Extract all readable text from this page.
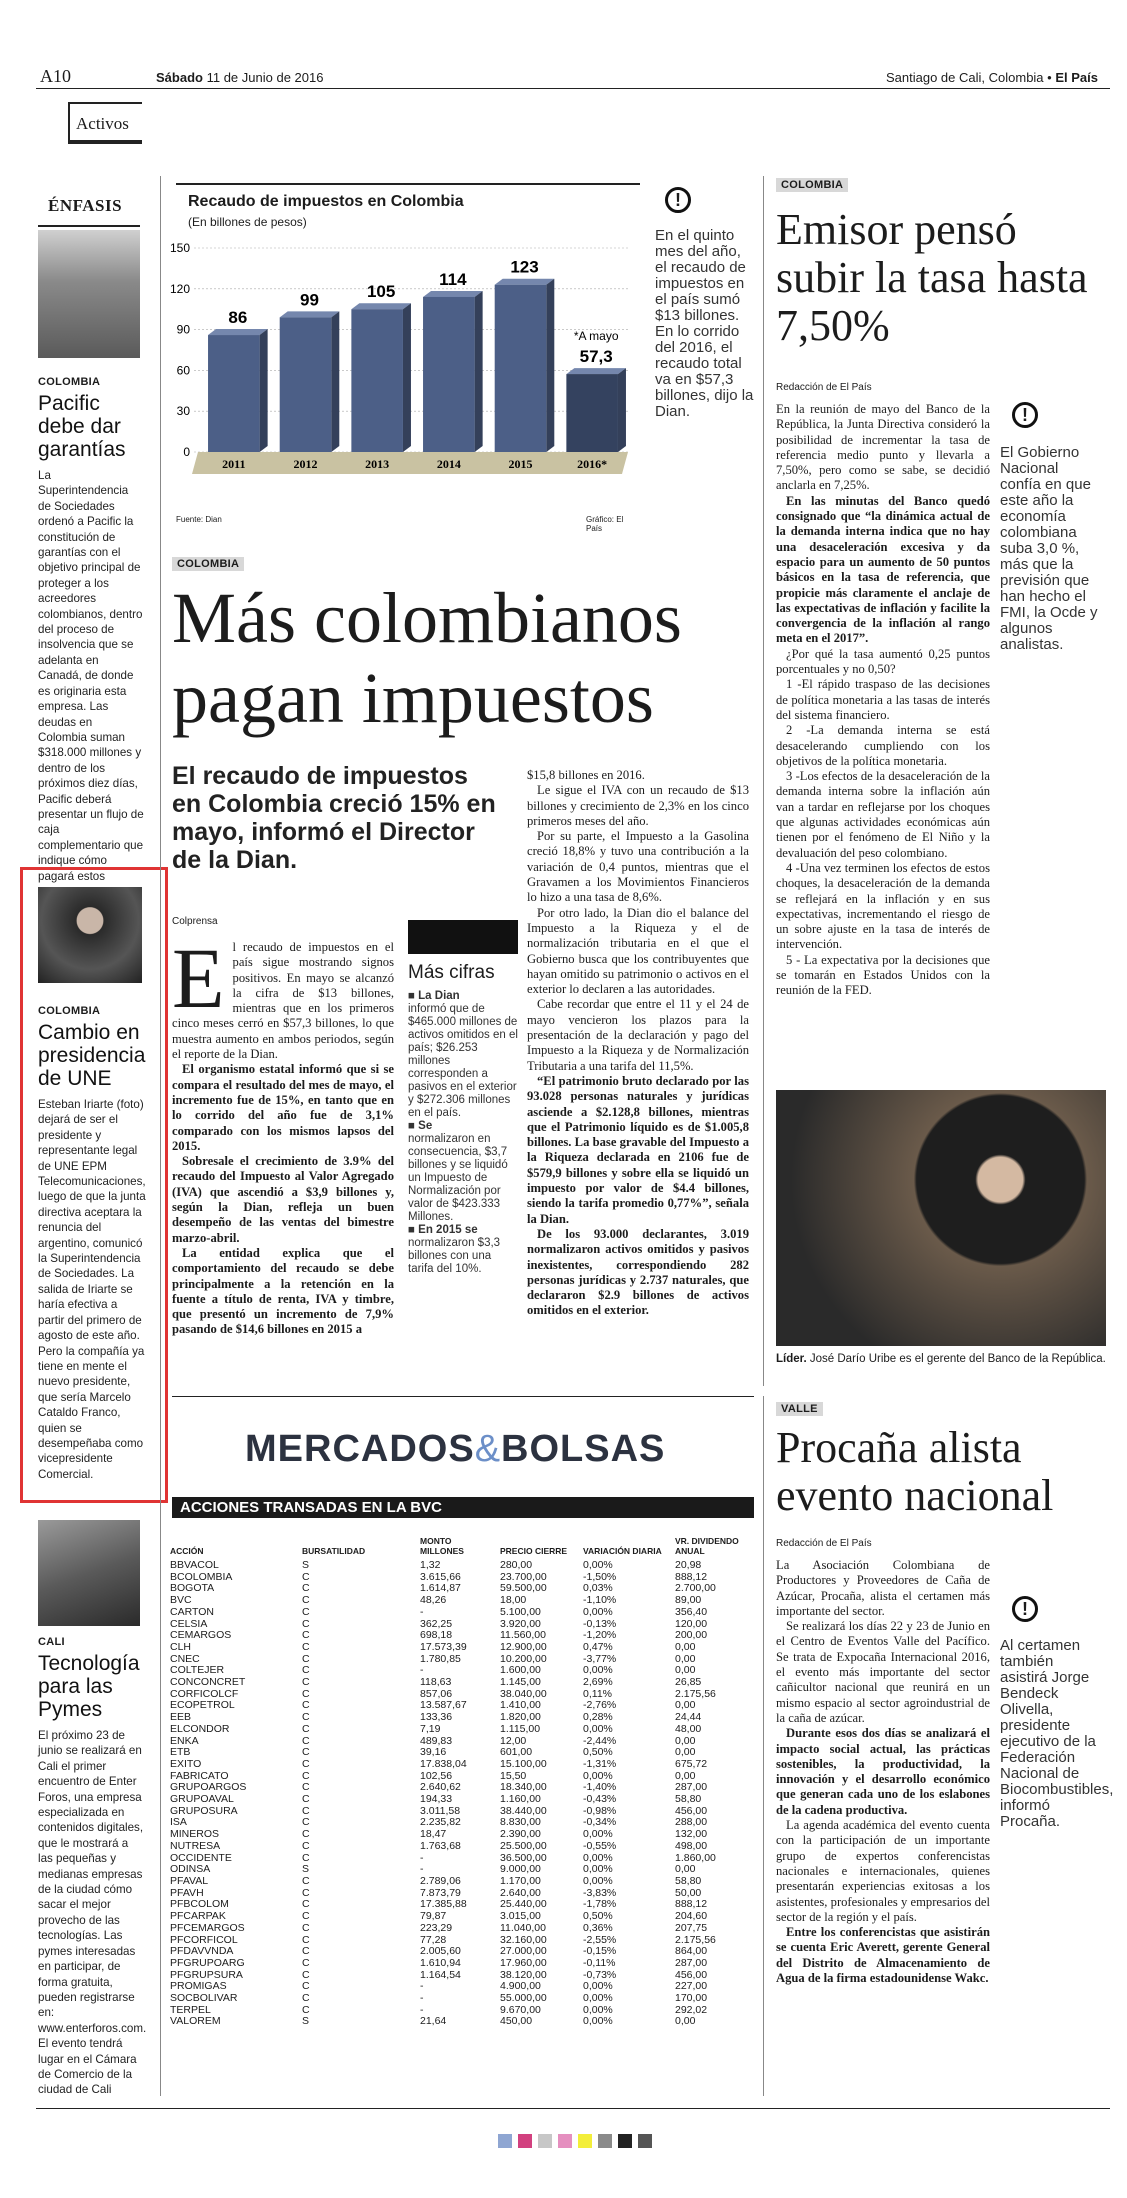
A10	Sábado 11 de Junio de 2016	Santiago de Cali, Colombia • El País
Activos
ÉNFASIS
COLOMBIA
Pacific debe dar garantías
La Superintendencia de Sociedades ordenó a Pacific la constitución de garantías con el objetivo principal de proteger a los acreedores colombianos, dentro del proceso de insolvencia que se adelanta en Canadá, de donde es originaria esta empresa. Las deudas en Colombia suman $318.000 millones y dentro de los próximos diez días, Pacific deberá presentar un flujo de caja complementario que indique cómo pagará estos
COLOMBIA
Cambio en presidencia de UNE
Esteban Iriarte (foto) dejará de ser el presidente y representante legal de UNE EPM Telecomunicaciones, luego de que la junta directiva aceptara la renuncia del argentino, comunicó la Superintendencia de Sociedades. La salida de Iriarte se haría efectiva a partir del primero de agosto de este año. Pero la compañía ya tiene en mente el nuevo presidente, que sería Marcelo Cataldo Franco, quien se desempeñaba como vicepresidente Comercial.
CALI
Tecnología para las Pymes
El próximo 23 de junio se realizará en Cali el primer encuentro de Enter Foros, una empresa especializada en contenidos digitales, que le mostrará a las pequeñas y medianas empresas de la ciudad cómo sacar el mejor provecho de las tecnologías. Las pymes interesadas en participar, de forma gratuita, pueden registrarse en: www.enterforos.com. El evento tendrá lugar en el Cámara de Comercio de la ciudad de Cali
Recaudo de impuestos en Colombia
(En billones de pesos)
150
120
90
60
30
0
86
2011
99
2012
105
2013
114
2014
123
2015
57,3
2016*
*A mayo
Fuente: Dian	Gráfico: El País
!
En el quinto mes del año, el recaudo de impuestos en el país sumó $13 billones. En lo corrido del 2016, el recaudo total va en $57,3 billones, dijo la Dian.
COLOMBIA
Más colombianos
pagan impuestos
El recaudo de impuestos en Colombia creció 15% en mayo, informó el Director de la Dian.
Colprensa
E l recaudo de impuestos en el país sigue mostrando signos positivos. En mayo se alcanzó la cifra de $13 billones, mientras que en los primeros cinco meses cerró en $57,3 billones, lo que muestra aumento en ambos periodos, según el reporte de la Dian.

El organismo estatal informó que si se compara el resultado del mes de mayo, el incremento fue de 15%, en tanto que en lo corrido del año fue de 3,1% comparado con los mismos lapsos del 2015.

Sobresale el crecimiento de 3.9% del recaudo del Impuesto al Valor Agregado (IVA) que ascendió a $3,9 billones y, según la Dian, refleja un buen desempeño de las ventas del bimestre marzo-abril.

La entidad explica que el comportamiento del recaudo se debe principalmente a la retención en la fuente a título de renta, IVA y timbre, que presentó un incremento de 7,9% pasando de $14,6 billones en 2015 a

Más cifras
■ La Dian
informó que de $465.000 millones de activos omitidos en el país; $26.253 millones corresponden a pasivos en el exterior y $272.306 millones en el país.
■ Se
normalizaron en consecuencia, $3,7 billones y se liquidó un Impuesto de Normalización por valor de $423.333 Millones.
■ En 2015 se
normalizaron $3,3 billones con una tarifa del 10%.

$15,8 billones en 2016.

Le sigue el IVA con un recaudo de $13 billones y crecimiento de 2,3% en los cinco primeros meses del año.

Por su parte, el Impuesto a la Gasolina creció 18,8% y tuvo una contribución a la variación de 0,4 puntos, mientras que el Gravamen a los Movimientos Financieros lo hizo a una tasa de 8,6%.

Por otro lado, la Dian dio el balance del Impuesto a la Riqueza y el de normalización tributaria en el que el Gobierno busca que los contribuyentes que hayan omitido su patrimonio o activos en el exterior lo declaren a las autoridades.

Cabe recordar que entre el 11 y el 24 de mayo vencieron los plazos para la presentación de la declaración y pago del Impuesto a la Riqueza y de Normalización Tributaria a una tarifa del 11,5%.

“El patrimonio bruto declarado por las 93.028 personas naturales y jurídicas asciende a $2.128,8 billones, mientras que el Patrimonio líquido es de $1.005,8 billones. La base gravable del Impuesto a la Riqueza declarada en 2106 fue de $579,9 billones y sobre ella se liquidó un impuesto por valor de $4.4 billones, siendo la tarifa promedio 0,77%”, señala la Dian.

De los 93.000 declarantes, 3.019 normalizaron activos omitidos y pasivos inexistentes, correspondiendo 282 personas jurídicas y 2.737 naturales, que declararon $2.9 billones de activos omitidos en el exterior.

COLOMBIA
Emisor pensó subir la tasa hasta 7,50%
Redacción de El País

En la reunión de mayo del Banco de la República, la Junta Directiva consideró la posibilidad de incrementar la tasa de referencia medio punto y llevarla a 7,50%, pero como se sabe, se decidió anclarla en 7,25%.

En las minutas del Banco quedó consignado que “la dinámica actual de la demanda interna indica que no hay una desaceleración excesiva y da espacio para un aumento de 50 puntos básicos en la tasa de referencia, que propicie más claramente el anclaje de las expectativas de inflación y facilite la convergencia de la inflación al rango meta en el 2017”.

¿Por qué la tasa aumentó 0,25 puntos porcentuales y no 0,50?

1 -El rápido traspaso de las decisiones de política monetaria a las tasas de interés del sistema financiero.

2 -La demanda interna se está desacelerando cumpliendo con los objetivos de la política monetaria.

3 -Los efectos de la desaceleración de la demanda interna sobre la inflación aún van a tardar en reflejarse por los choques que algunas actividades económicas aún tienen por el fenómeno de El Niño y la devaluación del peso colombiano.

4 -Una vez terminen los efectos de estos choques, la desaceleración de la demanda se reflejará en la inflación y en sus expectativas, incrementando el riesgo de un sobre ajuste en la tasa de interés de intervención.

5 - La expectativa por la decisiones que se tomarán en Estados Unidos con la reunión de la FED.

!
El Gobierno Nacional confía en que este año la economía colombiana suba 3,0 %, más que la previsión que han hecho el FMI, la Ocde y algunos analistas.
Líder. José Darío Uribe es el gerente del Banco de la República.
MERCADOS&BOLSAS
ACCIONES TRANSADAS EN LA BVC
ACCIÓN	BURSATILIDAD	MONTO MILLONES	PRECIO CIERRE	VARIACIÓN DIARIA	VR. DIVIDENDO ANUAL
BBVACOL	S	1,32	280,00	0,00%	20,98
BCOLOMBIA	C	3.615,66	23.700,00	-1,50%	888,12
BOGOTA	C	1.614,87	59.500,00	0,03%	2.700,00
BVC	C	48,26	18,00	-1,10%	89,00
CARTON	C	-	5.100,00	0,00%	356,40
CELSIA	C	362,25	3.920,00	-0,13%	120,00
CEMARGOS	C	698,18	11.560,00	-1,20%	200,00
CLH	C	17.573,39	12.900,00	0,47%	0,00
CNEC	C	1.780,85	10.200,00	-3,77%	0,00
COLTEJER	C	-	1.600,00	0,00%	0,00
CONCONCRET	C	118,63	1.145,00	2,69%	26,85
CORFICOLCF	C	857,06	38.040,00	0,11%	2.175,56
ECOPETROL	C	13.587,67	1.410,00	-2,76%	0,00
EEB	C	133,36	1.820,00	0,28%	24,44
ELCONDOR	C	7,19	1.115,00	0,00%	48,00
ENKA	C	489,83	12,00	-2,44%	0,00
ETB	C	39,16	601,00	0,50%	0,00
EXITO	C	17.838,04	15.100,00	-1,31%	675,72
FABRICATO	C	102,56	15,50	0,00%	0,00
GRUPOARGOS	C	2.640,62	18.340,00	-1,40%	287,00
GRUPOAVAL	C	194,33	1.160,00	-0,43%	58,80
GRUPOSURA	C	3.011,58	38.440,00	-0,98%	456,00
ISA	C	2.235,82	8.830,00	-0,34%	288,00
MINEROS	C	18,47	2.390,00	0,00%	132,00
NUTRESA	C	1.763,68	25.500,00	-0,55%	498,00
OCCIDENTE	C	-	36.500,00	0,00%	1.860,00
ODINSA	S	-	9.000,00	0,00%	0,00
PFAVAL	C	2.789,06	1.170,00	0,00%	58,80
PFAVH	C	7.873,79	2.640,00	-3,83%	50,00
PFBCOLOM	C	17.385,88	25.440,00	-1,78%	888,12
PFCARPAK	C	79,87	3.015,00	0,50%	204,60
PFCEMARGOS	C	223,29	11.040,00	0,36%	207,75
PFCORFICOL	C	77,28	32.160,00	-2,55%	2.175,56
PFDAVVNDA	C	2.005,60	27.000,00	-0,15%	864,00
PFGRUPOARG	C	1.610,94	17.960,00	-0,11%	287,00
PFGRUPSURA	C	1.164,54	38.120,00	-0,73%	456,00
PROMIGAS	C	-	4.900,00	0,00%	227,00
SOCBOLIVAR	C	-	55.000,00	0,00%	170,00
TERPEL	C	-	9.670,00	0,00%	292,02
VALOREM	S	21,64	450,00	0,00%	0,00
VALLE
Procaña alista evento nacional
Redacción de El País

La Asociación Colombiana de Productores y Proveedores de Caña de Azúcar, Procaña, alista el certamen más importante del sector.

Se realizará los días 22 y 23 de Junio en el Centro de Eventos Valle del Pacífico. Se trata de Expocaña Internacional 2016, el evento más importante del sector cañicultor nacional que reunirá en un mismo espacio al sector agroindustrial de la caña de azúcar.

Durante esos dos días se analizará el impacto social actual, las prácticas sostenibles, la productividad, la innovación y el desarrollo económico que generan cada uno de los eslabones de la cadena productiva.

La agenda académica del evento cuenta con la participación de un importante grupo de expertos conferencistas nacionales e internacionales, quienes presentarán experiencias exitosas a los asistentes, profesionales y empresarios del sector de la región y el país.

Entre los conferencistas que asistirán se cuenta Eric Averett, gerente General del Distrito de Almacenamiento de Agua de la firma estadounidense Wakc.

!
Al certamen también asistirá Jorge Bendeck Olivella, presidente ejecutivo de la Federación Nacional de Biocombustibles, informó Procaña.
